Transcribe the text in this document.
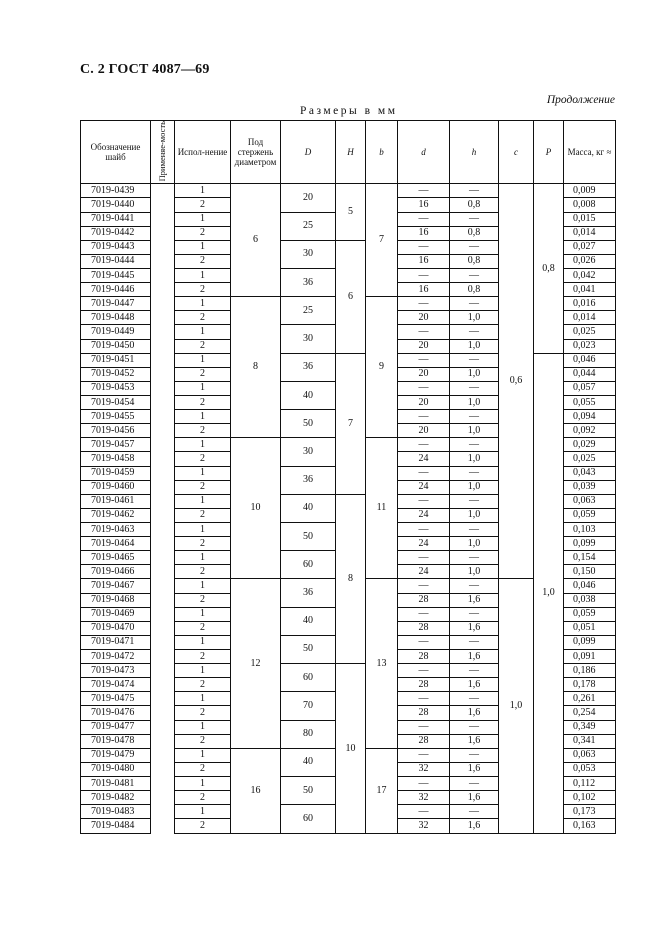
С. 2 ГОСТ 4087—69
Продолжение
Размеры в мм
Обозначение шайб	Применяе-мость	Испол-нение	Под стержень диаметром	D	H	b	d	h	c	P	Масса, кг ≈
7019-0439		1	6	20	5	7	—	—	0,6	0,8	0,009
7019-0440		2					16	0,8			0,008
7019-0441		1		25			—	—			0,015
7019-0442		2					16	0,8			0,014
7019-0443		1		30	6		—	—			0,027
7019-0444		2					16	0,8			0,026
7019-0445		1		36			—	—			0,042
7019-0446		2					16	0,8			0,041
7019-0447		1	8	25		9	—	—			0,016
7019-0448		2					20	1,0			0,014
7019-0449		1		30			—	—			0,025
7019-0450		2					20	1,0			0,023
7019-0451		1		36	7		—	—		1,0	0,046
7019-0452		2					20	1,0			0,044
7019-0453		1		40			—	—			0,057
7019-0454		2					20	1,0			0,055
7019-0455		1		50			—	—			0,094
7019-0456		2					20	1,0			0,092
7019-0457		1	10	30		11	—	—			0,029
7019-0458		2					24	1,0			0,025
7019-0459		1		36			—	—			0,043
7019-0460		2					24	1,0			0,039
7019-0461		1		40	8		—	—			0,063
7019-0462		2					24	1,0			0,059
7019-0463		1		50			—	—			0,103
7019-0464		2					24	1,0			0,099
7019-0465		1		60			—	—			0,154
7019-0466		2					24	1,0			0,150
7019-0467		1	12	36		13	—	—	1,0		0,046
7019-0468		2					28	1,6			0,038
7019-0469		1		40			—	—			0,059
7019-0470		2					28	1,6			0,051
7019-0471		1		50			—	—			0,099
7019-0472		2					28	1,6			0,091
7019-0473		1		60	10		—	—			0,186
7019-0474		2					28	1,6			0,178
7019-0475		1		70			—	—			0,261
7019-0476		2					28	1,6			0,254
7019-0477		1		80			—	—			0,349
7019-0478		2					28	1,6			0,341
7019-0479		1	16	40		17	—	—			0,063
7019-0480		2					32	1,6			0,053
7019-0481		1		50			—	—			0,112
7019-0482		2					32	1,6			0,102
7019-0483		1		60			—	—			0,173
7019-0484		2					32	1,6			0,163
